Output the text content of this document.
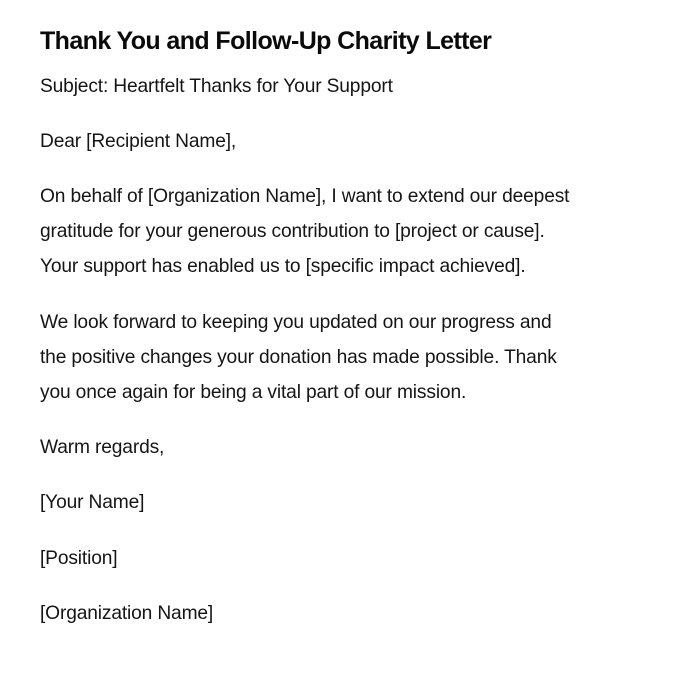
Thank You and Follow-Up Charity Letter

Subject: Heartfelt Thanks for Your Support

Dear [Recipient Name],

On behalf of [Organization Name], I want to extend our deepest
gratitude for your generous contribution to [project or cause].
Your support has enabled us to [specific impact achieved].
We look forward to keeping you updated on our progress and
the positive changes your donation has made possible. Thank
you once again for being a vital part of our mission.

Warm regards,

[Your Name]

[Position]

[Organization Name]
